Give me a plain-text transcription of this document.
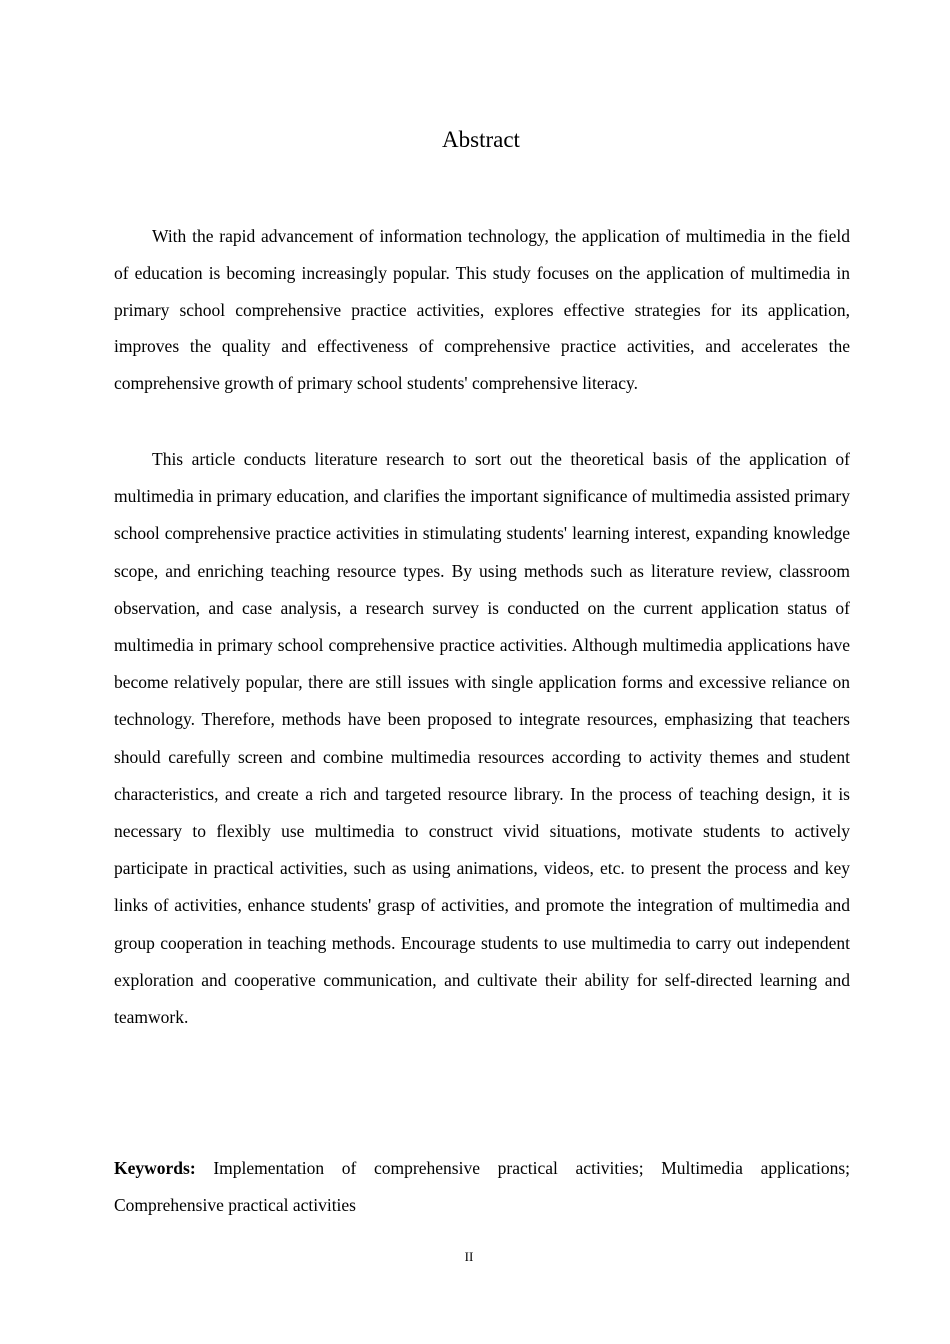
Abstract

With the rapid advancement of information technology, the application of multimedia in the field of education is becoming increasingly popular. This study focuses on the application of multimedia in primary school comprehensive practice activities, explores effective strategies for its application, improves the quality and effectiveness of comprehensive practice activities, and accelerates the comprehensive growth of primary school students' comprehensive literacy.

This article conducts literature research to sort out the theoretical basis of the application of multimedia in primary education, and clarifies the important significance of multimedia assisted primary school comprehensive practice activities in stimulating students' learning interest, expanding knowledge scope, and enriching teaching resource types. By using methods such as literature review, classroom observation, and case analysis, a research survey is conducted on the current application status of multimedia in primary school comprehensive practice activities. Although multimedia applications have become relatively popular, there are still issues with single application forms and excessive reliance on technology. Therefore, methods have been proposed to integrate resources, emphasizing that teachers should carefully screen and combine multimedia resources according to activity themes and student characteristics, and create a rich and targeted resource library. In the process of teaching design, it is necessary to flexibly use multimedia to construct vivid situations, motivate students to actively participate in practical activities, such as using animations, videos, etc. to present the process and key links of activities, enhance students' grasp of activities, and promote the integration of multimedia and group cooperation in teaching methods. Encourage students to use multimedia to carry out independent exploration and cooperative communication, and cultivate their ability for self-directed learning and teamwork.

Keywords: Implementation of comprehensive practical activities; Multimedia applications; Comprehensive practical activities

II
